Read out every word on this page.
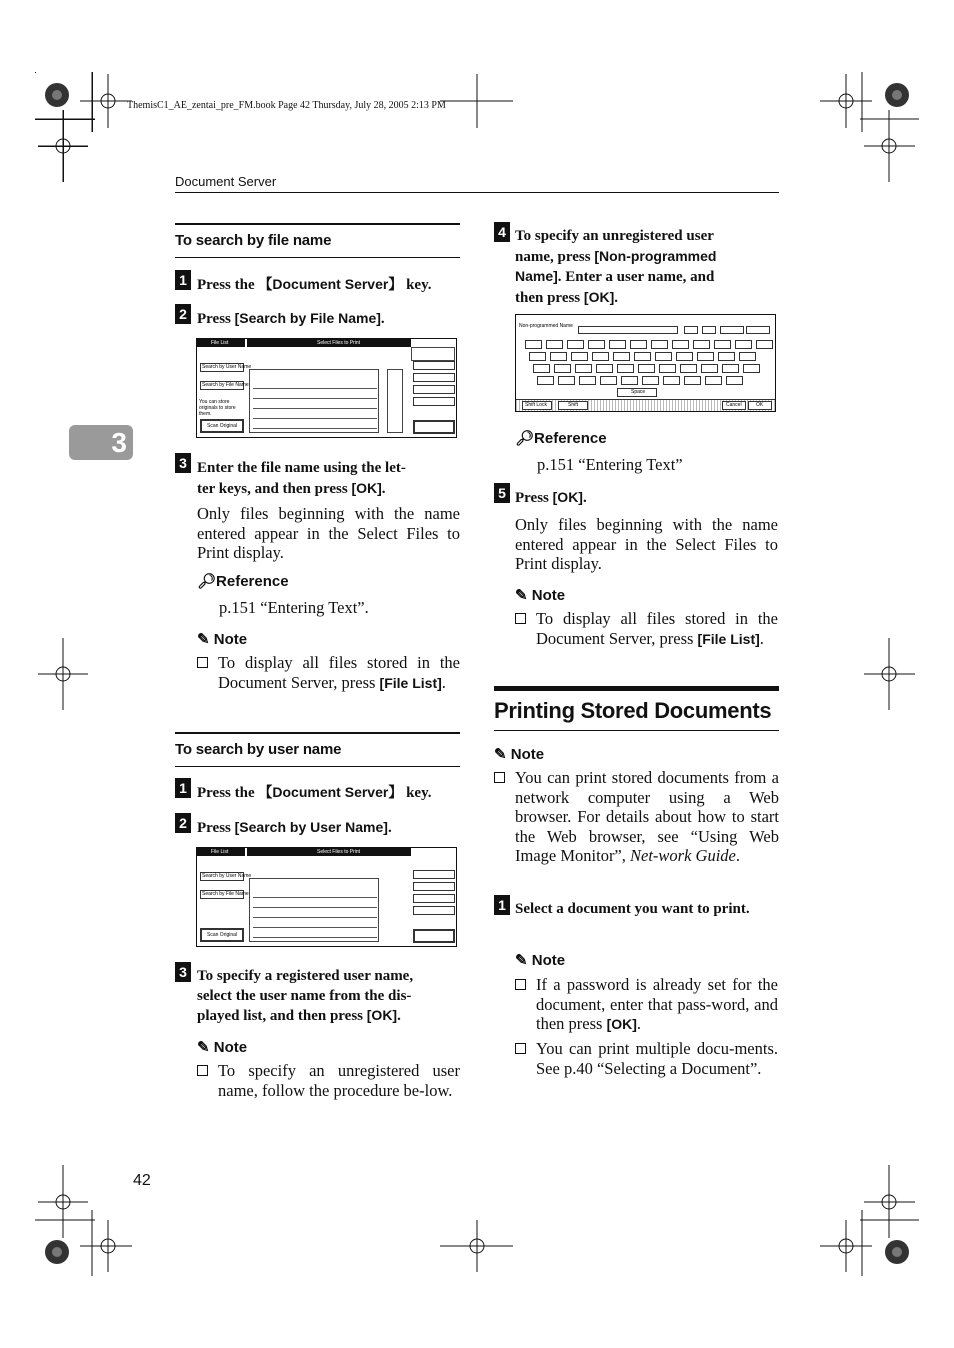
ThemisC1_AE_zentai_pre_FM.book Page 42 Thursday, July 28, 2005 2:13 PM
Document Server
3
To search by file name
1 Press the 【Document Server】 key.
2 Press [Search by File Name].
File List	Select Files to Print
Search by User Name
Search by File Name
You can store originals to store them.
Scan Original
3 Enter the file name using the let-
ter keys, and then press [OK].
Only files beginning with the name entered appear in the Select Files to Print display.
🔎︎Reference
p.151 “Entering Text”.
✎ Note
To display all files stored in the Document Server, press [File List].
To search by user name
1 Press the 【Document Server】 key.
2 Press [Search by User Name].
File List	Select Files to Print
Search by User Name
Search by File Name
Scan Original
3 To specify a registered user name,
select the user name from the dis-
played list, and then press [OK].
✎ Note
To specify an unregistered user name, follow the procedure be-low.
4 To specify an unregistered user
name, press [Non-programmed
Name]. Enter a user name, and
then press [OK].
Non-programmed Name
Space
Shift Lock	Shift	Cancel	OK
🔎︎Reference
p.151 “Entering Text”
5 Press [OK].
Only files beginning with the name entered appear in the Select Files to Print display.
✎ Note
To display all files stored in the Document Server, press [File List].
Printing Stored Documents
✎ Note
You can print stored documents from a network computer using a Web browser. For details about how to start the Web browser, see “Using Web Image Monitor”, Net-work Guide.
1 Select a document you want to print.
✎ Note
If a password is already set for the document, enter that pass-word, and then press [OK].
You can print multiple docu-ments. See p.40 “Selecting a Document”.
42
